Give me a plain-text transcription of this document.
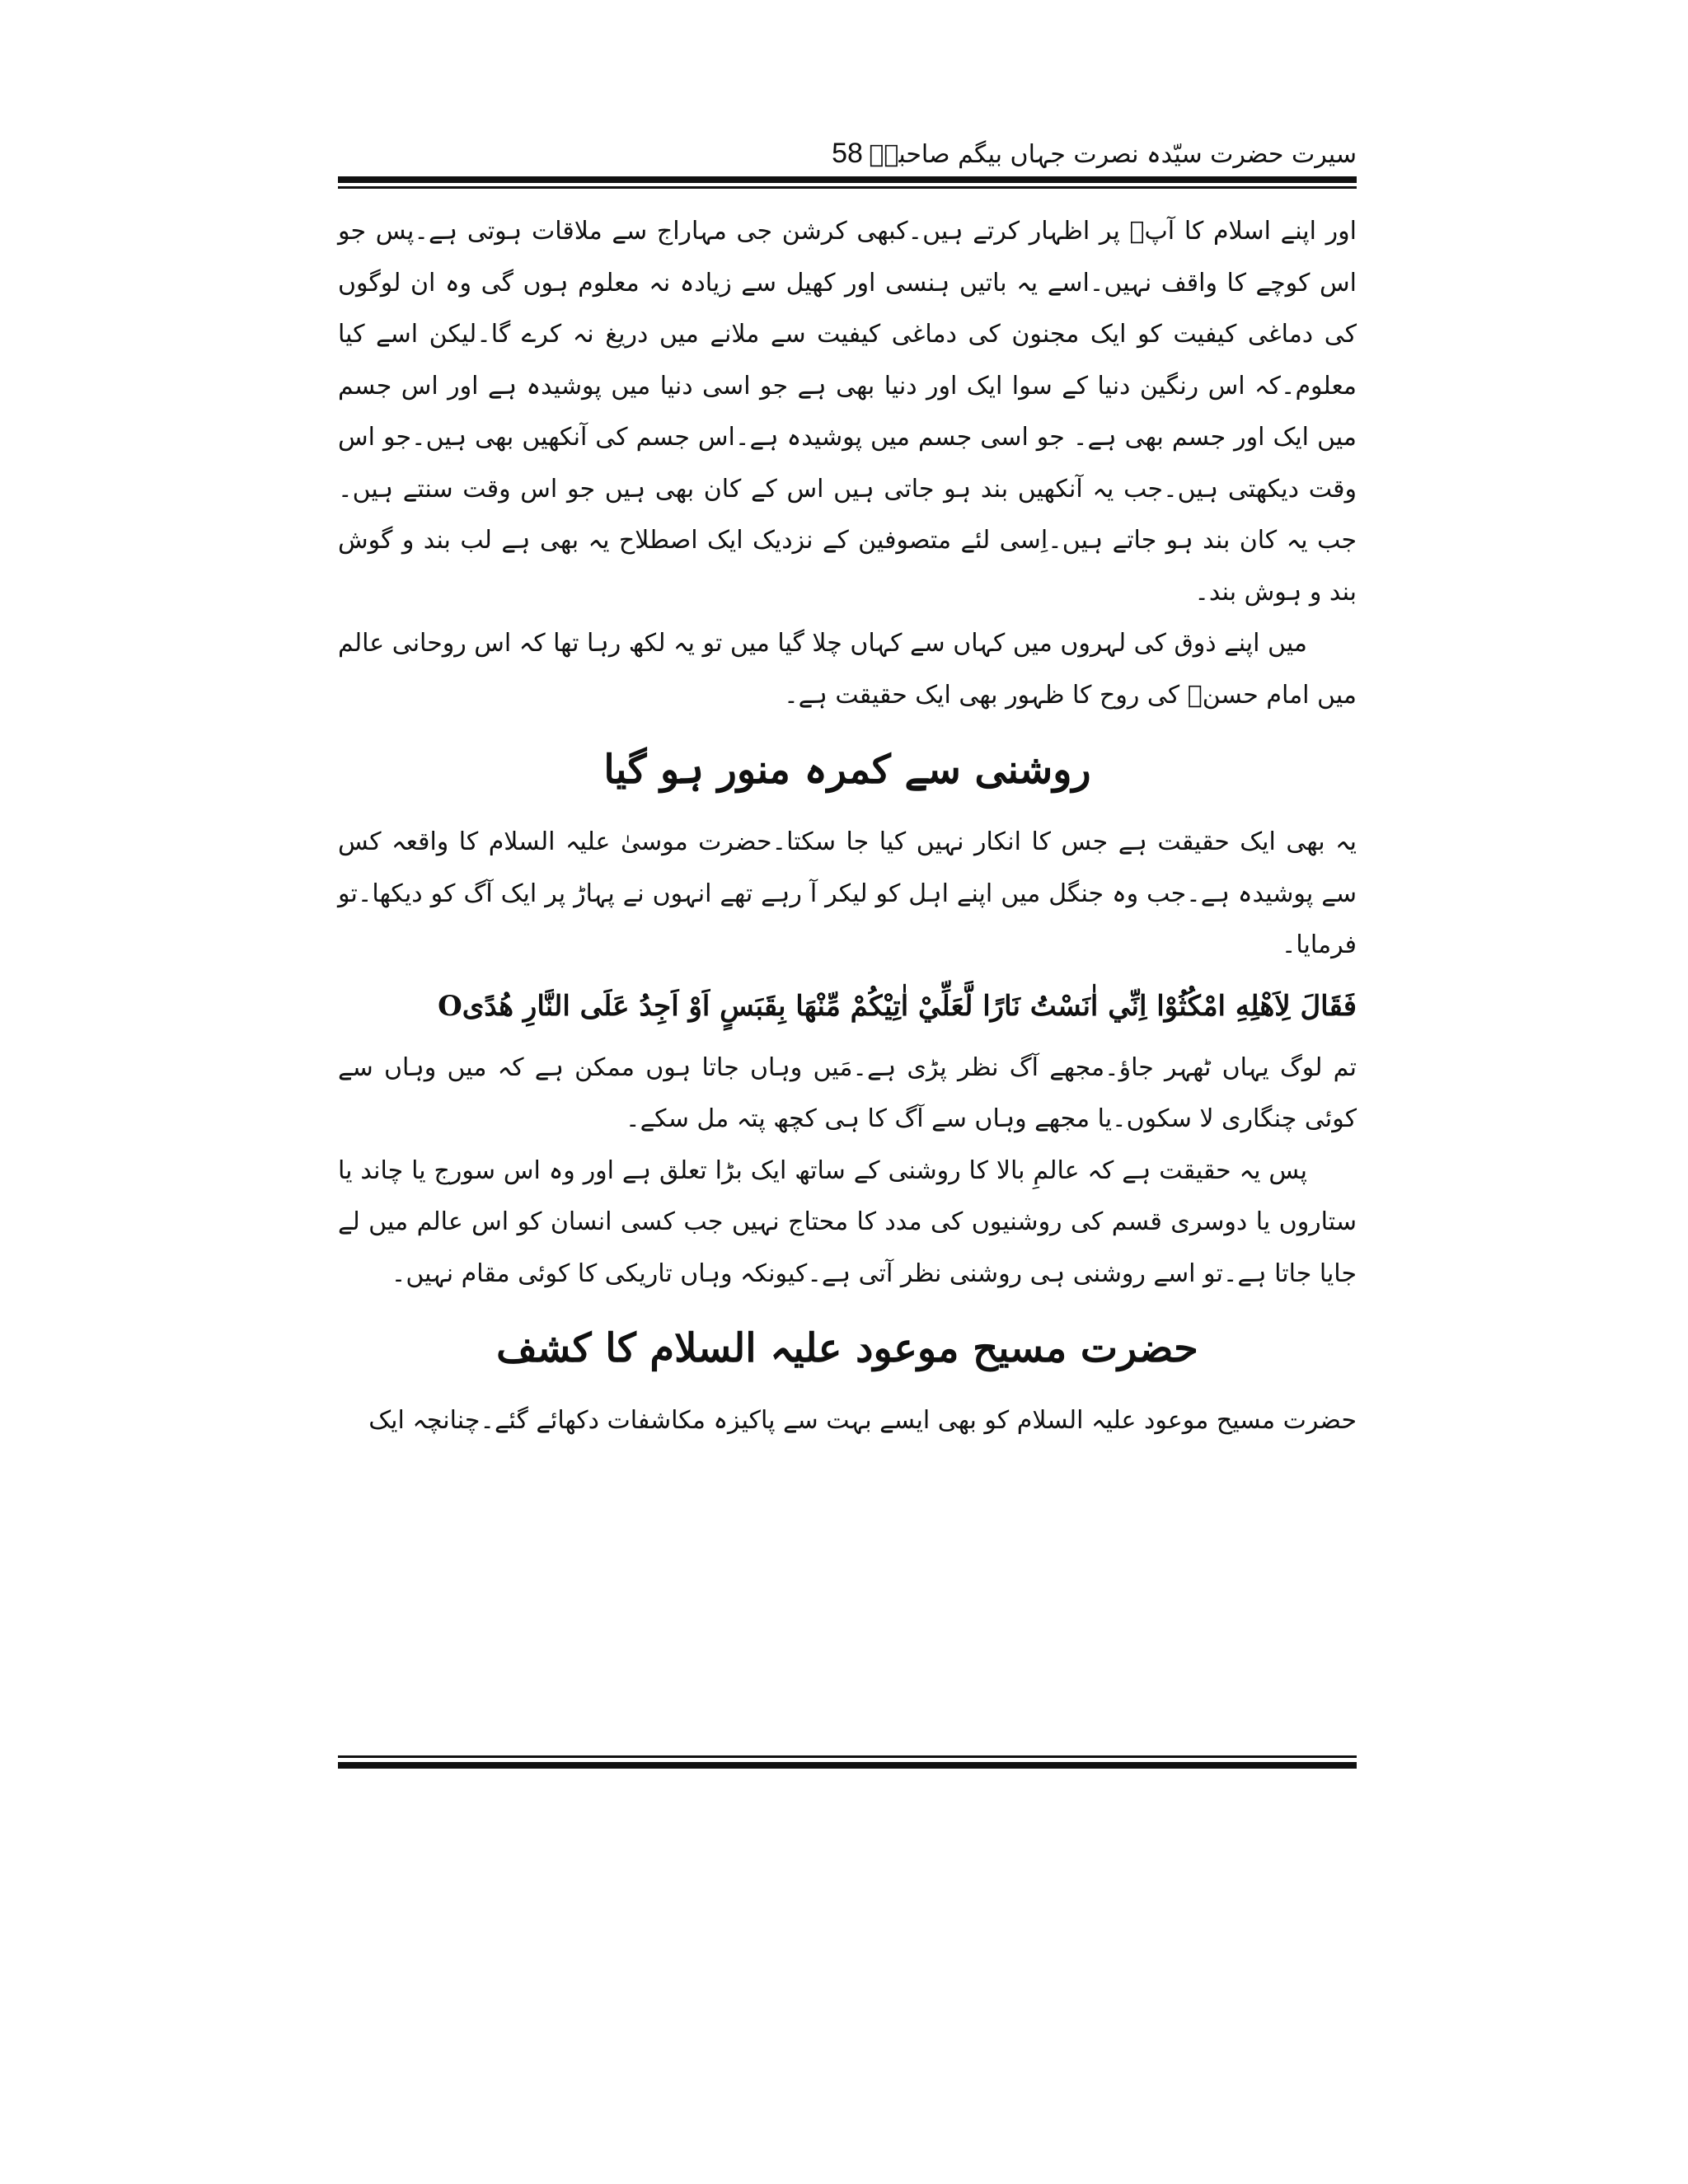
سیرت حضرت سیّدہ نصرت جہاں بیگم صاحبہؓ
58

اور اپنے اسلام کا آپؐ پر اظہار کرتے ہیں۔کبھی کرشن جی مہاراج سے ملاقات ہوتی ہے۔پس جو اس کوچے کا واقف نہیں۔اسے یہ باتیں ہنسی اور کھیل سے زیادہ نہ معلوم ہوں گی وہ ان لوگوں کی دماغی کیفیت کو ایک مجنون کی دماغی کیفیت سے ملانے میں دریغ نہ کرے گا۔لیکن اسے کیا معلوم۔کہ اس رنگین دنیا کے سوا ایک اور دنیا بھی ہے جو اسی دنیا میں پوشیدہ ہے اور اس جسم میں ایک اور جسم بھی ہے۔ جو اسی جسم میں پوشیدہ ہے۔اس جسم کی آنکھیں بھی ہیں۔جو اس وقت دیکھتی ہیں۔جب یہ آنکھیں بند ہو جاتی ہیں اس کے کان بھی ہیں جو اس وقت سنتے ہیں۔جب یہ کان بند ہو جاتے ہیں۔اِسی لئے متصوفین کے نزدیک ایک اصطلاح یہ بھی ہے لب بند و گوش بند و ہوش بند۔

میں اپنے ذوق کی لہروں میں کہاں سے کہاں چلا گیا میں تو یہ لکھ رہا تھا کہ اس روحانی عالم میں امام حسنؓ کی روح کا ظہور بھی ایک حقیقت ہے۔

روشنی سے کمرہ منور ہو گیا

یہ بھی ایک حقیقت ہے جس کا انکار نہیں کیا جا سکتا۔حضرت موسیٰ علیہ السلام کا واقعہ کس سے پوشیدہ ہے۔جب وہ جنگل میں اپنے اہل کو لیکر آ رہے تھے انہوں نے پہاڑ پر ایک آگ کو دیکھا۔تو فرمایا۔

فَقَالَ لِاَهْلِهِ امْكُثُوْا اِنِّي اٰنَسْتُ نَارًا لَّعَلِّيْ اٰتِيْكُمْ مِّنْهَا بِقَبَسٍ اَوْ اَجِدُ عَلَى النَّارِ هُدًىO

تم لوگ یہاں ٹھہر جاؤ۔مجھے آگ نظر پڑی ہے۔مَیں وہاں جاتا ہوں ممکن ہے کہ میں وہاں سے کوئی چنگاری لا سکوں۔یا مجھے وہاں سے آگ کا ہی کچھ پتہ مل سکے۔

پس یہ حقیقت ہے کہ عالمِ بالا کا روشنی کے ساتھ ایک بڑا تعلق ہے اور وہ اس سورج یا چاند یا ستاروں یا دوسری قسم کی روشنیوں کی مدد کا محتاج نہیں جب کسی انسان کو اس عالم میں لے جایا جاتا ہے۔تو اسے روشنی ہی روشنی نظر آتی ہے۔کیونکہ وہاں تاریکی کا کوئی مقام نہیں۔

حضرت مسیح موعود علیہ السلام کا کشف

حضرت مسیح موعود علیہ السلام کو بھی ایسے بہت سے پاکیزہ مکاشفات دکھائے گئے۔چنانچہ ایک
